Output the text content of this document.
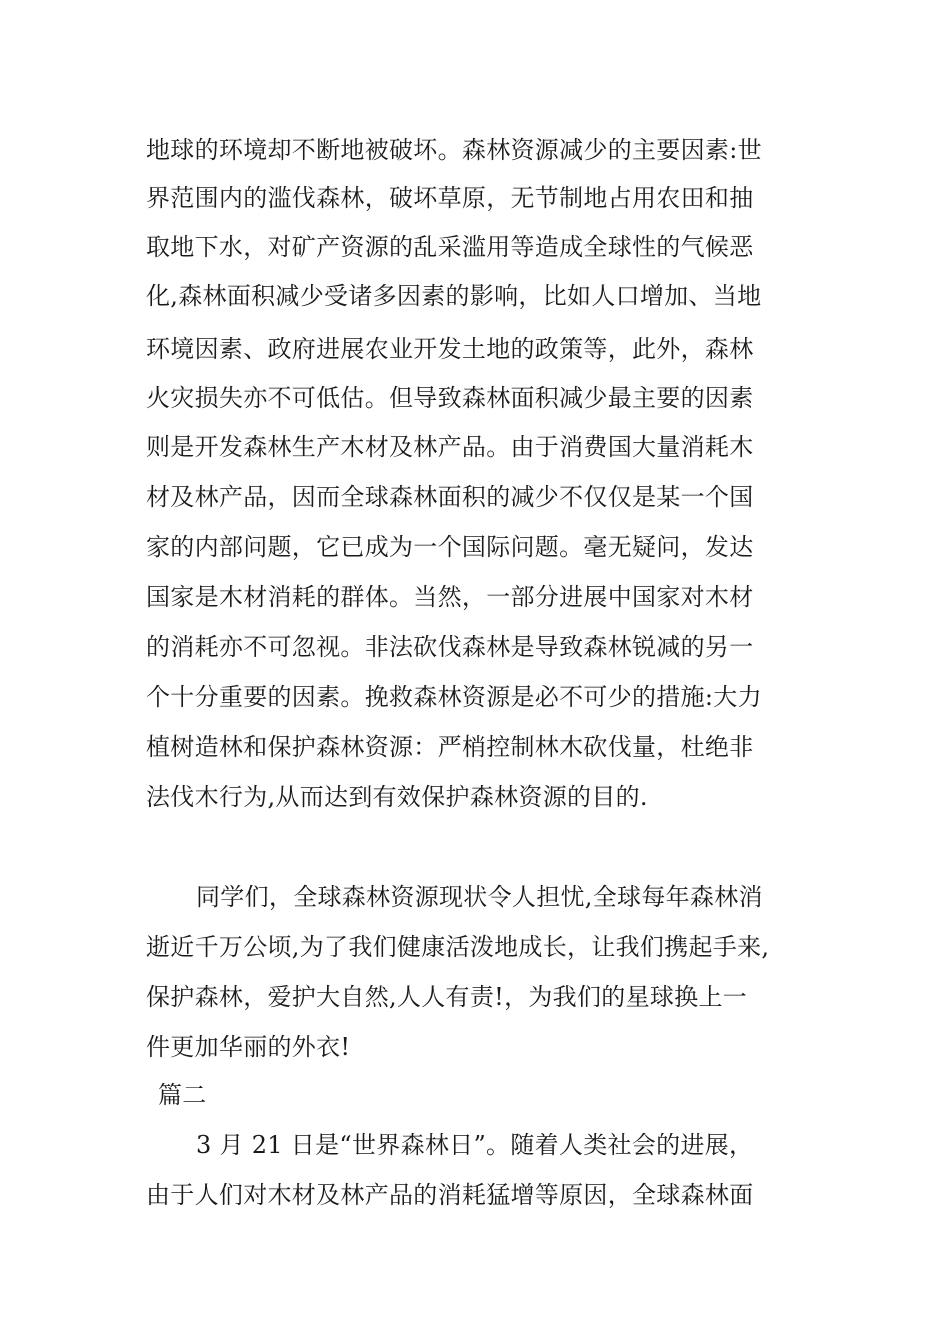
地球的环境却不断地被破坏。森林资源减少的主要因素:世
界范围内的滥伐森林，破坏草原，无节制地占用农田和抽
取地下水，对矿产资源的乱采滥用等造成全球性的气候恶
化,森林面积减少受诸多因素的影响，比如人口增加、当地
环境因素、政府进展农业开发土地的政策等，此外，森林
火灾损失亦不可低估。但导致森林面积减少最主要的因素
则是开发森林生产木材及林产品。由于消费国大量消耗木
材及林产品，因而全球森林面积的减少不仅仅是某一个国
家的内部问题，它已成为一个国际问题。毫无疑问，发达
国家是木材消耗的群体。当然，一部分进展中国家对木材
的消耗亦不可忽视。非法砍伐森林是导致森林锐减的另一
个十分重要的因素。挽救森林资源是必不可少的措施:大力
植树造林和保护森林资源：严梢控制林木砍伐量，杜绝非
法伐木行为,从而达到有效保护森林资源的目的.
同学们，全球森林资源现状令人担忧,全球每年森林消
逝近千万公顷,为了我们健康活泼地成长，让我们携起手来,
保护森林，爱护大自然,人人有责!，为我们的星球换上一
件更加华丽的外衣!
篇二
3 月 21 日是“世界森林日”。随着人类社会的进展，
由于人们对木材及林产品的消耗猛增等原因，全球森林面
